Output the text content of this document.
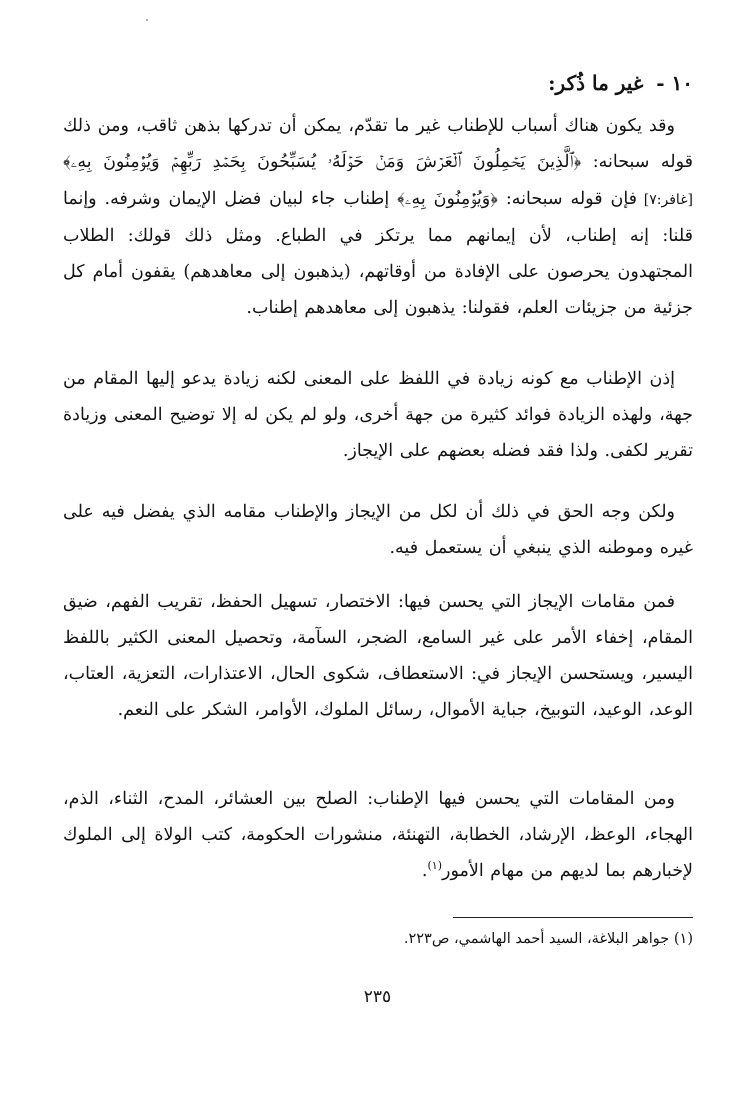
١٠ - غير ما ذُكر:

وقد يكون هناك أسباب للإطناب غير ما تقدّم، يمكن أن تدركها بذهن ثاقب، ومن ذلك قوله سبحانه: ﴿ٱلَّذِينَ يَحۡمِلُونَ ٱلۡعَرۡشَ وَمَنۡ حَوۡلَهُۥ يُسَبِّحُونَ بِحَمۡدِ رَبِّهِمۡ وَيُؤۡمِنُونَ بِهِۦ﴾ [غافر:٧] فإن قوله سبحانه: ﴿وَيُؤۡمِنُونَ بِهِۦ﴾ إطناب جاء لبيان فضل الإيمان وشرفه. وإنما قلنا: إنه إطناب، لأن إيمانهم مما يرتكز في الطباع. ومثل ذلك قولك: الطلاب المجتهدون يحرصون على الإفادة من أوقاتهم، (يذهبون إلى معاهدهم) يقفون أمام كل جزئية من جزيئات العلم، فقولنا: يذهبون إلى معاهدهم إطناب.

إذن الإطناب مع كونه زيادة في اللفظ على المعنى لكنه زيادة يدعو إليها المقام من جهة، ولهذه الزيادة فوائد كثيرة من جهة أخرى، ولو لم يكن له إلا توضيح المعنى وزيادة تقرير لكفى. ولذا فقد فضله بعضهم على الإيجاز.

ولكن وجه الحق في ذلك أن لكل من الإيجاز والإطناب مقامه الذي يفضل فيه على غيره وموطنه الذي ينبغي أن يستعمل فيه.

فمن مقامات الإيجاز التي يحسن فيها: الاختصار، تسهيل الحفظ، تقريب الفهم، ضيق المقام، إخفاء الأمر على غير السامع، الضجر، السآمة، وتحصيل المعنى الكثير باللفظ اليسير، ويستحسن الإيجاز في: الاستعطاف، شكوى الحال، الاعتذارات، التعزية، العتاب، الوعد، الوعيد، التوبيخ، جباية الأموال، رسائل الملوك، الأوامر، الشكر على النعم.

ومن المقامات التي يحسن فيها الإطناب: الصلح بين العشائر، المدح، الثناء، الذم، الهجاء، الوعظ، الإرشاد، الخطابة، التهنئة، منشورات الحكومة، كتب الولاة إلى الملوك لإخبارهم بما لديهم من مهام الأمور$^{(١)}$.

(١) جواهر البلاغة، السيد أحمد الهاشمي، ص٢٢٣.
٢٣٥
